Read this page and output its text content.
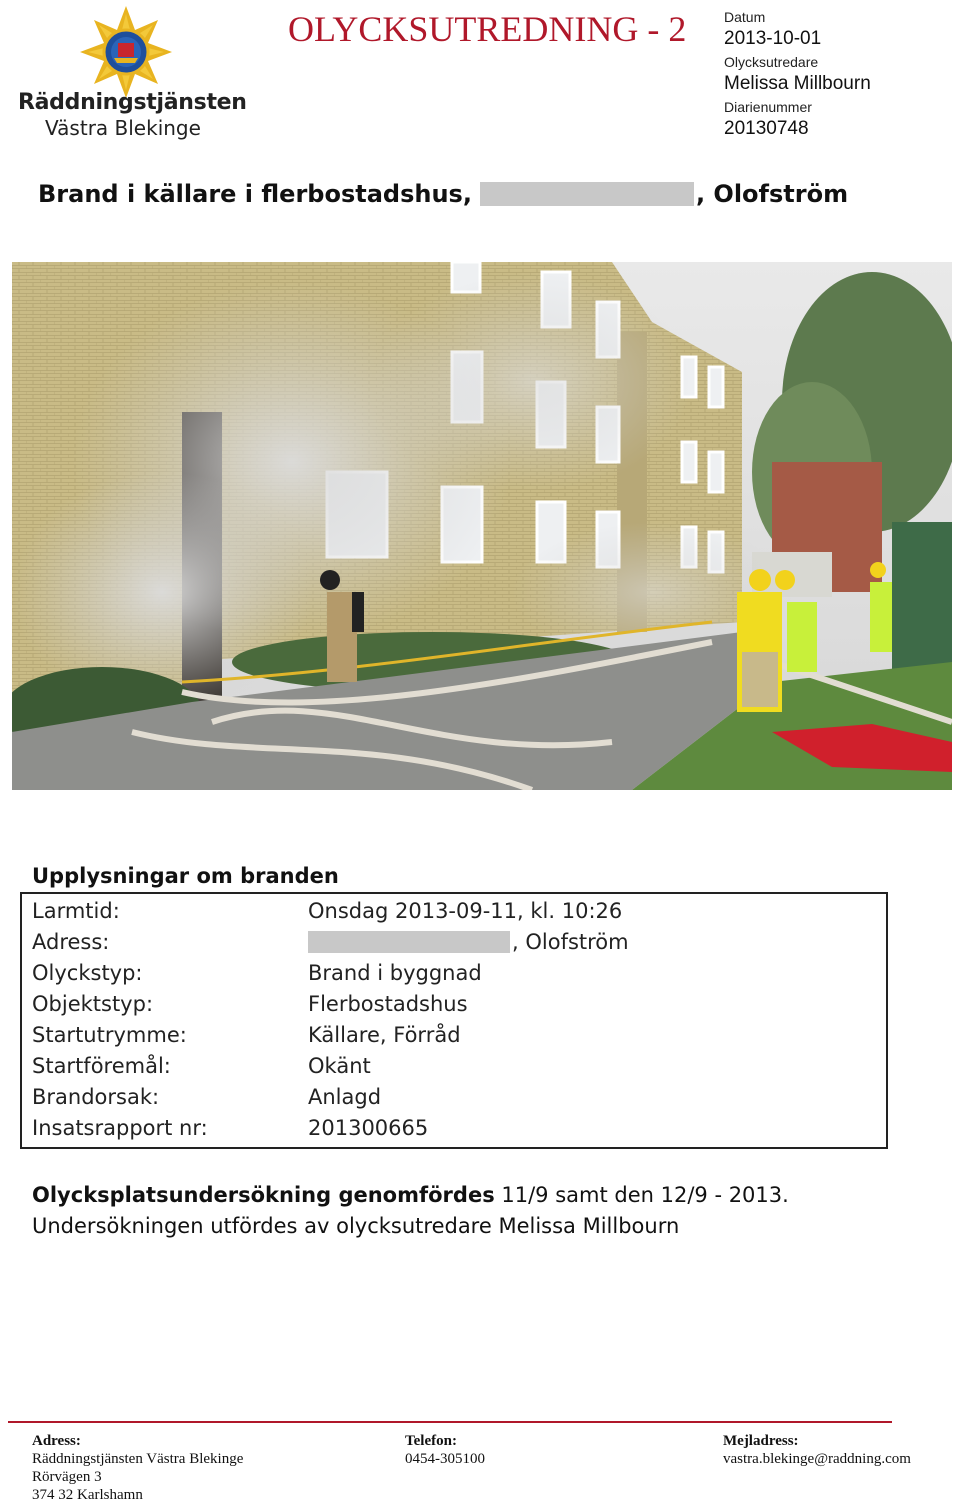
Räddningstjänsten
Västra Blekinge
OLYCKSUTREDNING - 2	Datum
2013-10-01
Olycksutredare
Melissa Millbourn
Diarienummer
20130748
Brand i källare i flerbostadshus,	, Olofström
Upplysningar om branden
Larmtid:	Onsdag 2013-09-11, kl. 10:26
Adress:	, Olofström
Olyckstyp:	Brand i byggnad
Objektstyp:	Flerbostadshus
Startutrymme:	Källare, Förråd
Startföremål:	Okänt
Brandorsak:	Anlagd
Insatsrapport nr:	201300665
Olycksplatsundersökning genomfördes 11/9 samt den 12/9 - 2013. Undersökningen utfördes av olycksutredare Melissa Millbourn
Adress:
Räddningstjänsten Västra Blekinge
Rörvägen 3
374 32 Karlshamn
Telefon:
0454-305100
Mejladress:
vastra.blekinge@raddning.com
